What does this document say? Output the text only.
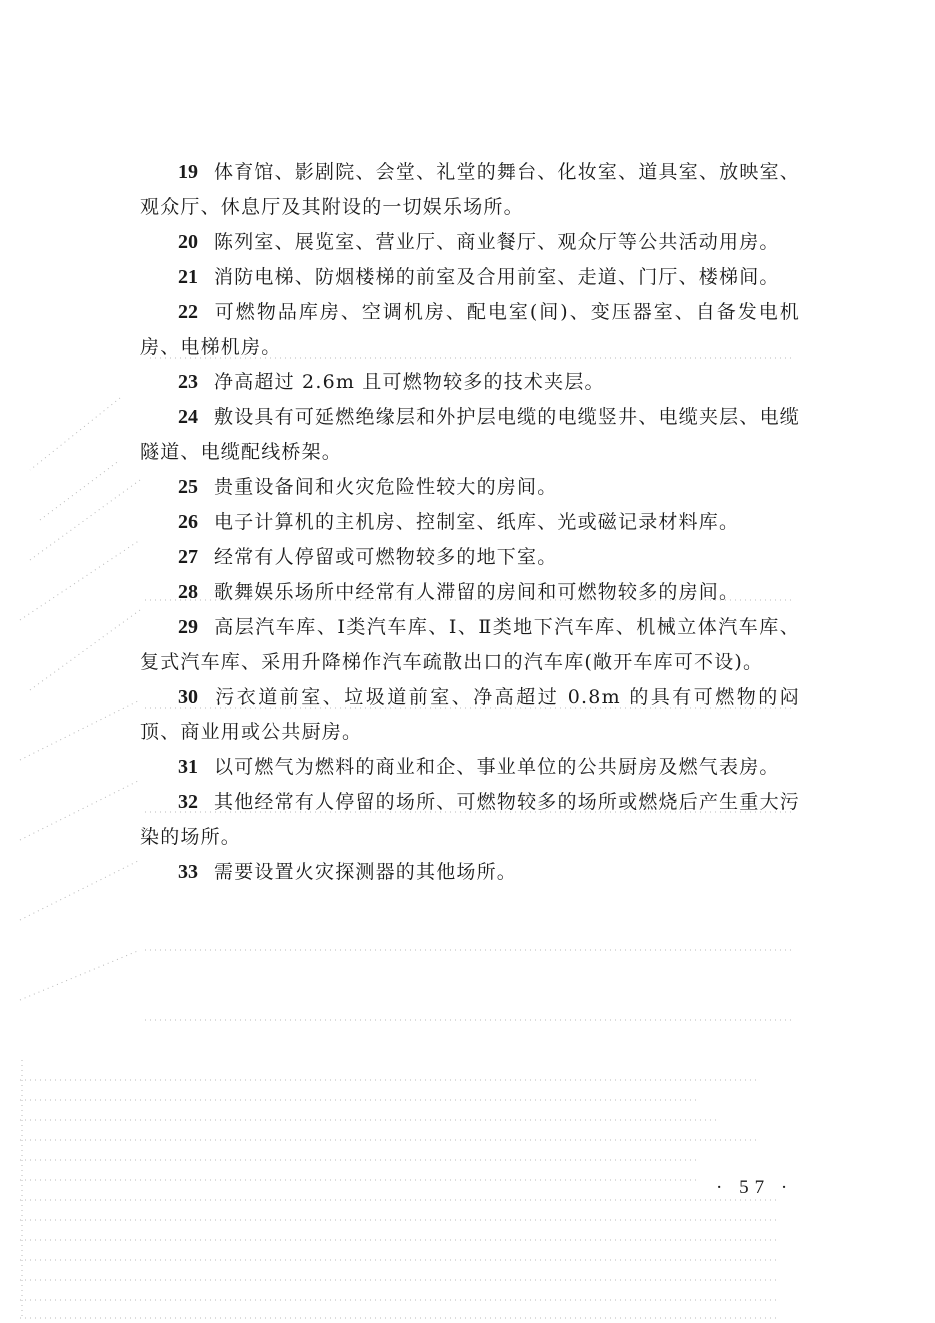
19 体育馆、影剧院、会堂、礼堂的舞台、化妆室、道具室、放映室、观众厅、休息厅及其附设的一切娱乐场所。

20 陈列室、展览室、营业厅、商业餐厅、观众厅等公共活动用房。

21 消防电梯、防烟楼梯的前室及合用前室、走道、门厅、楼梯间。

22 可燃物品库房、空调机房、配电室(间)、变压器室、自备发电机房、电梯机房。

23 净高超过 2.6m 且可燃物较多的技术夹层。

24 敷设具有可延燃绝缘层和外护层电缆的电缆竖井、电缆夹层、电缆隧道、电缆配线桥架。

25 贵重设备间和火灾危险性较大的房间。

26 电子计算机的主机房、控制室、纸库、光或磁记录材料库。

27 经常有人停留或可燃物较多的地下室。

28 歌舞娱乐场所中经常有人滞留的房间和可燃物较多的房间。

29 高层汽车库、Ⅰ类汽车库、Ⅰ、Ⅱ类地下汽车库、机械立体汽车库、复式汽车库、采用升降梯作汽车疏散出口的汽车库(敞开车库可不设)。

30 污衣道前室、垃圾道前室、净高超过 0.8m 的具有可燃物的闷顶、商业用或公共厨房。

31 以可燃气为燃料的商业和企、事业单位的公共厨房及燃气表房。

32 其他经常有人停留的场所、可燃物较多的场所或燃烧后产生重大污染的场所。

33 需要设置火灾探测器的其他场所。

· 57 ·
